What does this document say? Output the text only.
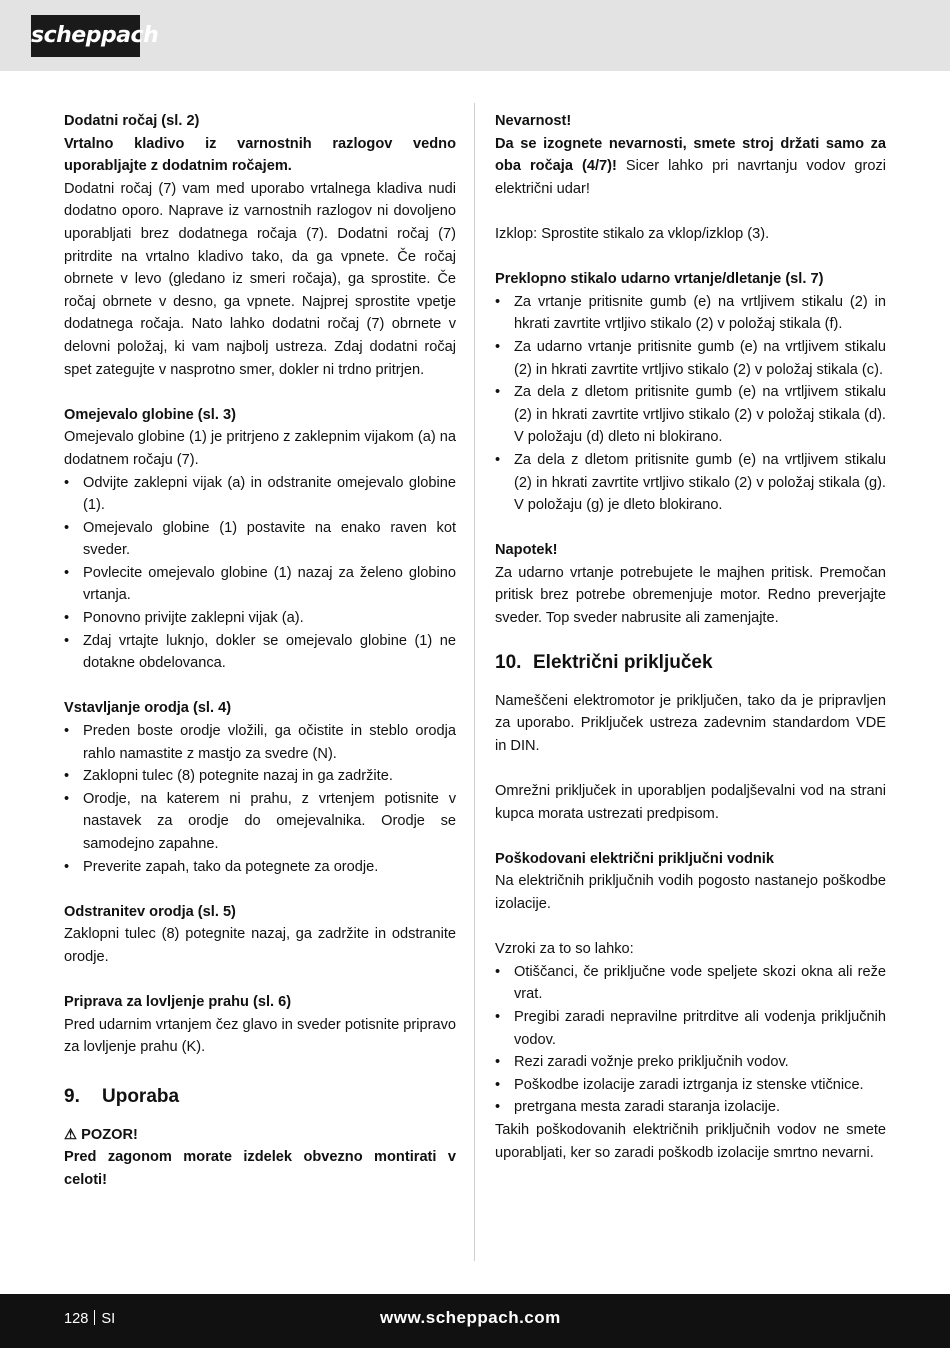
scheppach

Dodatni ročaj (sl. 2)

Vrtalno kladivo iz varnostnih razlogov vedno uporabljajte z dodatnim ročajem.

Dodatni ročaj (7) vam med uporabo vrtalnega kladiva nudi dodatno oporo. Naprave iz varnostnih razlogov ni dovoljeno uporabljati brez dodatnega ročaja (7). Dodatni ročaj (7) pritrdite na vrtalno kladivo tako, da ga vpnete. Če ročaj obrnete v levo (gledano iz smeri ročaja), ga sprostite. Če ročaj obrnete v desno, ga vpnete. Najprej sprostite vpetje dodatnega ročaja. Nato lahko dodatni ročaj (7) obrnete v delovni položaj, ki vam najbolj ustreza. Zdaj dodatni ročaj spet zategujte v nasprotno smer, dokler ni trdno pritrjen.

Omejevalo globine (sl. 3)

Omejevalo globine (1) je pritrjeno z zaklepnim vijakom (a) na dodatnem ročaju (7).

• Odvijte zaklepni vijak (a) in odstranite omejevalo globine (1).
• Omejevalo globine (1) postavite na enako raven kot sveder.
• Povlecite omejevalo globine (1) nazaj za želeno globino vrtanja.
• Ponovno privijte zaklepni vijak (a).
• Zdaj vrtajte luknjo, dokler se omejevalo globine (1) ne dotakne obdelovanca.

Vstavljanje orodja (sl. 4)

• Preden boste orodje vložili, ga očistite in steblo orodja rahlo namastite z mastjo za svedre (N).
• Zaklopni tulec (8) potegnite nazaj in ga zadržite.
• Orodje, na katerem ni prahu, z vrtenjem potisnite v nastavek za orodje do omejevalnika. Orodje se samodejno zapahne.
• Preverite zapah, tako da potegnete za orodje.

Odstranitev orodja (sl. 5)

Zaklopni tulec (8) potegnite nazaj, ga zadržite in odstranite orodje.

Priprava za lovljenje prahu (sl. 6)

Pred udarnim vrtanjem čez glavo in sveder potisnite pripravo za lovljenje prahu (K).

9. Uporaba

⚠ POZOR!

Pred zagonom morate izdelek obvezno montirati v celoti!

Nevarnost!

Da se izognete nevarnosti, smete stroj držati samo za oba ročaja (4/7)! Sicer lahko pri navrtanju vodov grozi električni udar!

Izklop: Sprostite stikalo za vklop/izklop (3).

Preklopno stikalo udarno vrtanje/dletanje (sl. 7)

• Za vrtanje pritisnite gumb (e) na vrtljivem stikalu (2) in hkrati zavrtite vrtljivo stikalo (2) v položaj stikala (f).
• Za udarno vrtanje pritisnite gumb (e) na vrtljivem stikalu (2) in hkrati zavrtite vrtljivo stikalo (2) v položaj stikala (c).
• Za dela z dletom pritisnite gumb (e) na vrtljivem stikalu (2) in hkrati zavrtite vrtljivo stikalo (2) v položaj stikala (d). V položaju (d) dleto ni blokirano.
• Za dela z dletom pritisnite gumb (e) na vrtljivem stikalu (2) in hkrati zavrtite vrtljivo stikalo (2) v položaj stikala (g). V položaju (g) je dleto blokirano.

Napotek!

Za udarno vrtanje potrebujete le majhen pritisk. Premočan pritisk brez potrebe obremenjuje motor. Redno preverjajte sveder. Top sveder nabrusite ali zamenjajte.

10. Električni priključek

Nameščeni elektromotor je priključen, tako da je pripravljen za uporabo. Priključek ustreza zadevnim standardom VDE in DIN.

Omrežni priključek in uporabljen podaljševalni vod na strani kupca morata ustrezati predpisom.

Poškodovani električni priključni vodnik

Na električnih priključnih vodih pogosto nastanejo poškodbe izolacije.

Vzroki za to so lahko:

• Otiščanci, če priključne vode speljete skozi okna ali reže vrat.
• Pregibi zaradi nepravilne pritrditve ali vodenja priključnih vodov.
• Rezi zaradi vožnje preko priključnih vodov.
• Poškodbe izolacije zaradi iztrganja iz stenske vtičnice.
• pretrgana mesta zaradi staranja izolacije.

Takih poškodovanih električnih priključnih vodov ne smete uporabljati, ker so zaradi poškodb izolacije smrtno nevarni.

128 SI	www.scheppach.com
